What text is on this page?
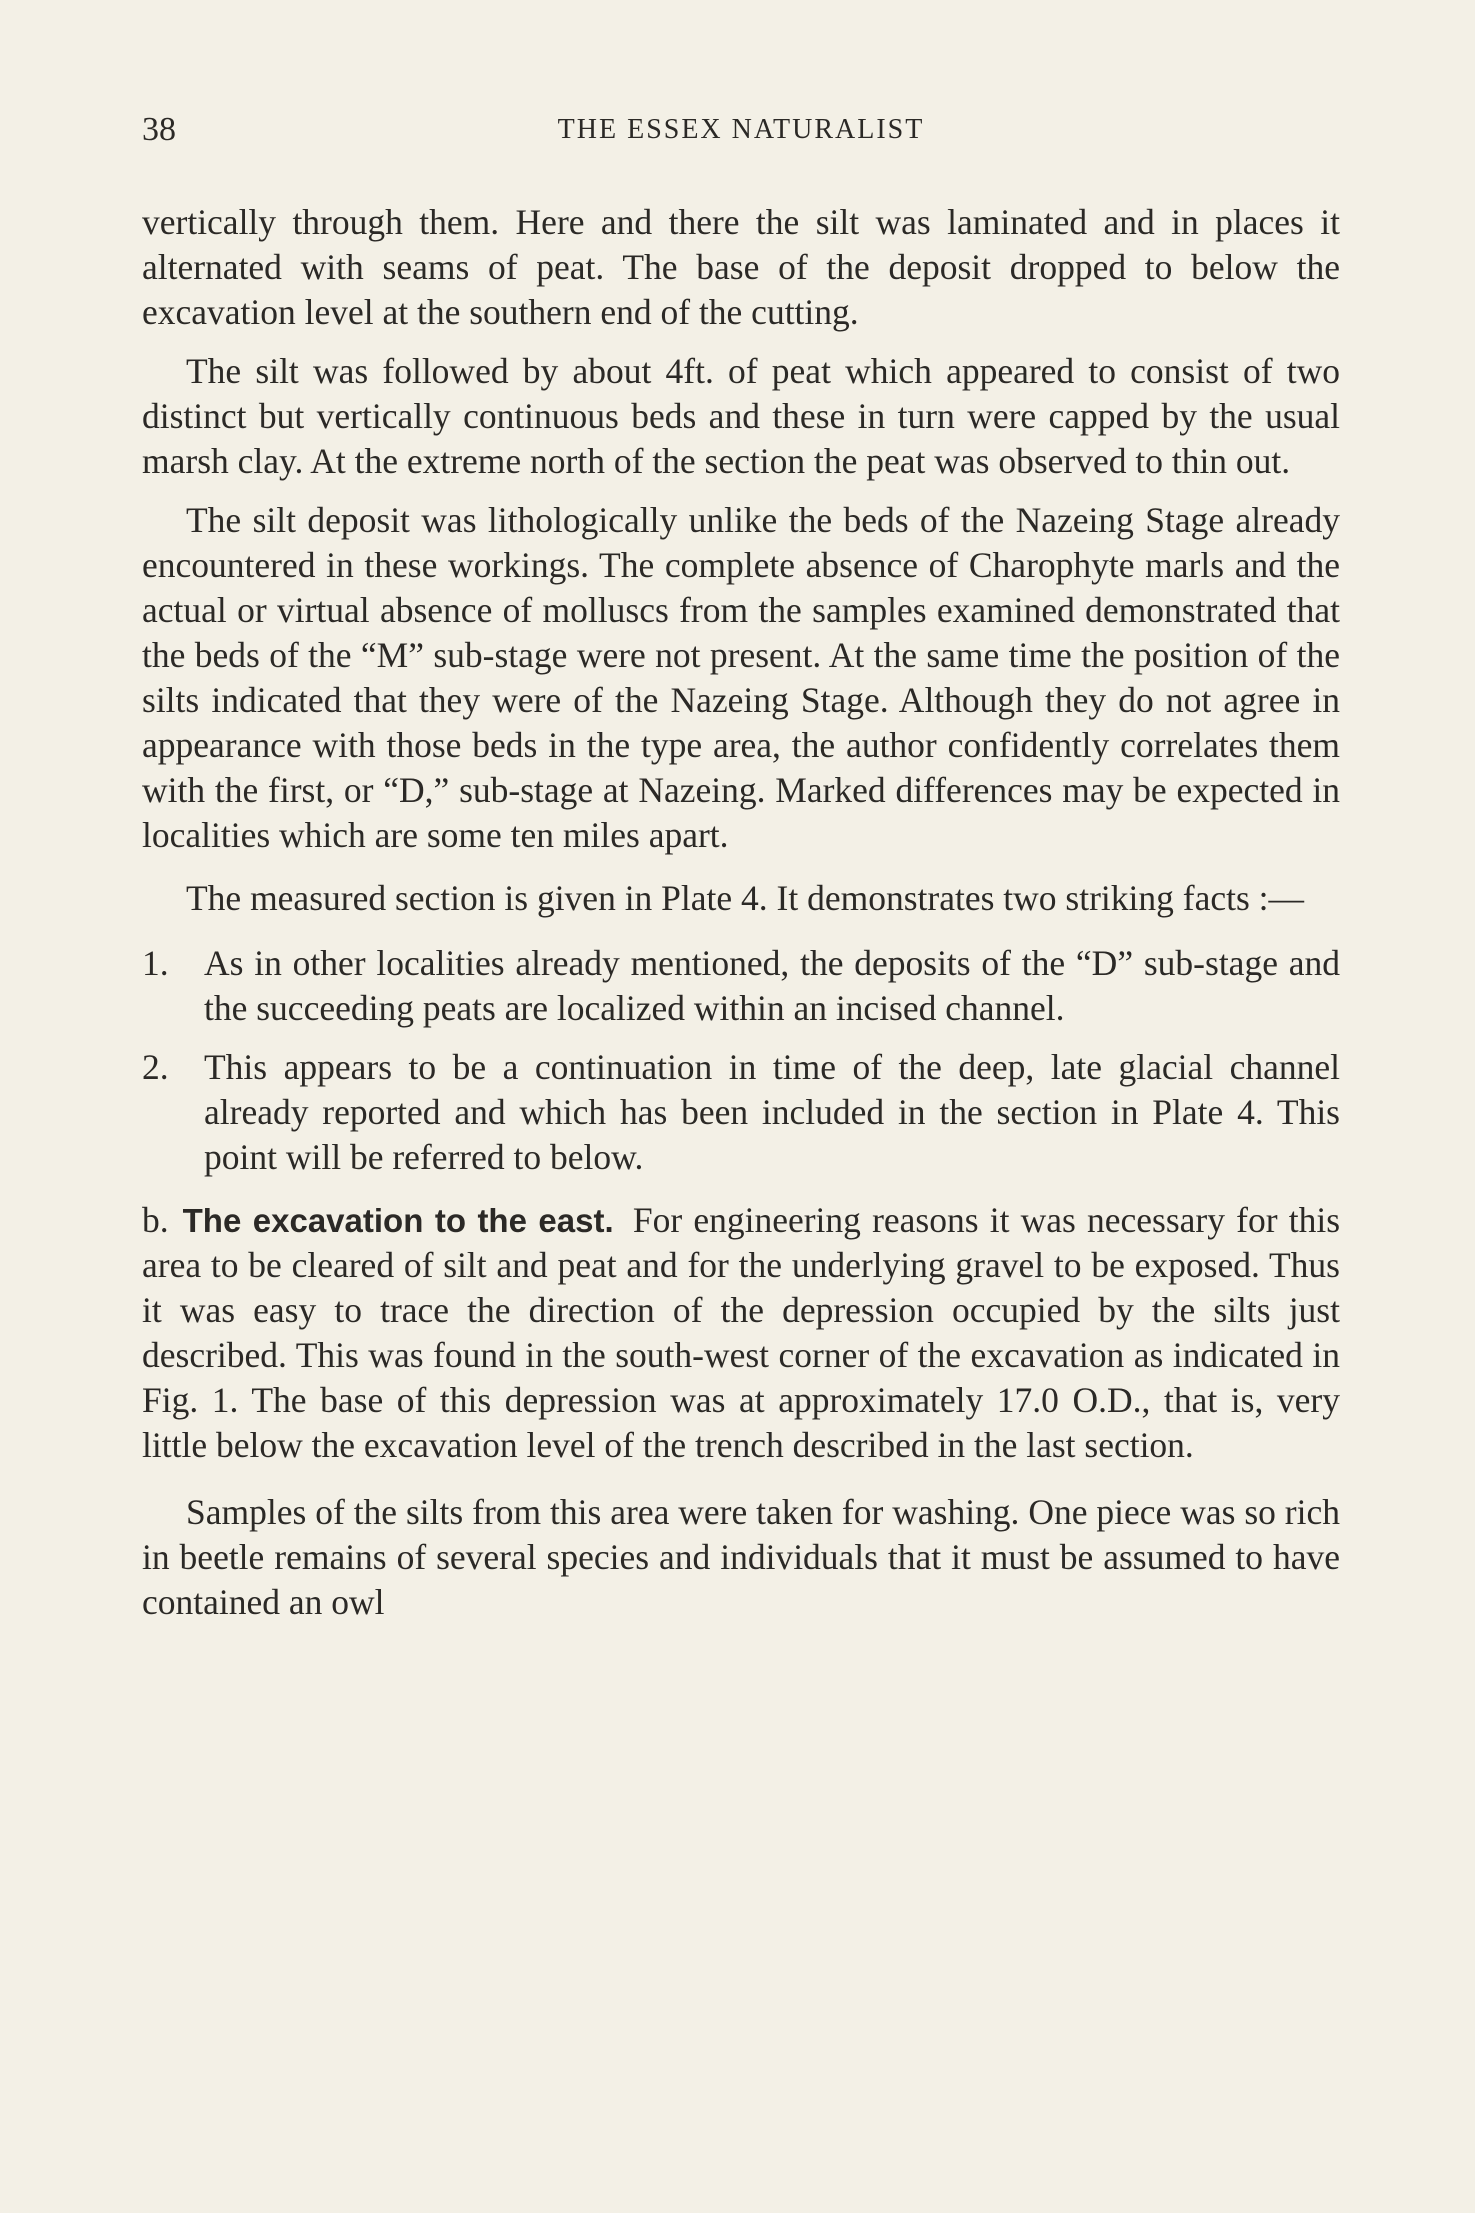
38	THE ESSEX NATURALIST

vertically through them. Here and there the silt was laminated and in places it alternated with seams of peat. The base of the deposit dropped to below the excavation level at the southern end of the cutting.

The silt was followed by about 4ft. of peat which appeared to consist of two distinct but vertically continuous beds and these in turn were capped by the usual marsh clay. At the extreme north of the section the peat was observed to thin out.

The silt deposit was lithologically unlike the beds of the Nazeing Stage already encountered in these workings. The complete absence of Charophyte marls and the actual or virtual absence of molluscs from the samples examined demonstrated that the beds of the “M” sub-stage were not present. At the same time the position of the silts indicated that they were of the Nazeing Stage. Although they do not agree in appearance with those beds in the type area, the author confidently correlates them with the first, or “D,” sub-stage at Nazeing. Marked differences may be expected in localities which are some ten miles apart.

The measured section is given in Plate 4. It demonstrates two striking facts :—

1. As in other localities already mentioned, the deposits of the “D” sub-stage and the succeeding peats are localized within an incised channel.
2. This appears to be a continuation in time of the deep, late glacial channel already reported and which has been included in the section in Plate 4. This point will be referred to below.

b. The excavation to the east. For engineering reasons it was necessary for this area to be cleared of silt and peat and for the underlying gravel to be exposed. Thus it was easy to trace the direction of the depression occupied by the silts just described. This was found in the south-west corner of the excavation as indicated in Fig. 1. The base of this depression was at approximately 17.0 O.D., that is, very little below the excavation level of the trench described in the last section.

Samples of the silts from this area were taken for washing. One piece was so rich in beetle remains of several species and individuals that it must be assumed to have contained an owl
